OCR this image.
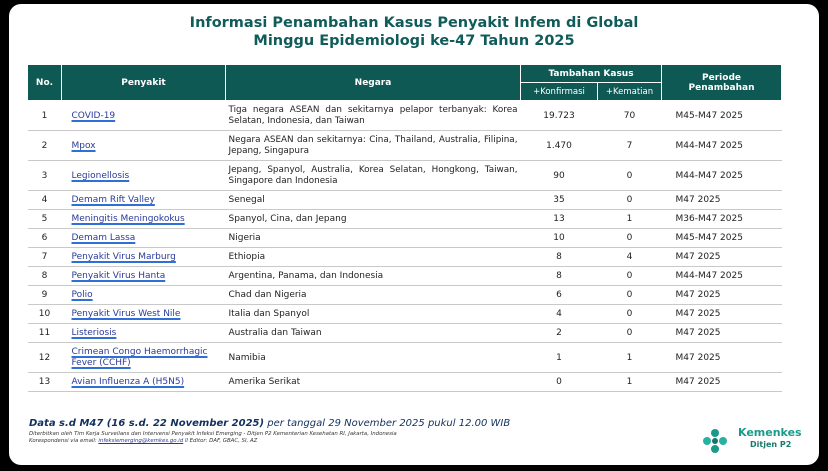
Informasi Penambahan Kasus Penyakit Infem di Global
Minggu Epidemiologi ke-47 Tahun 2025
No.	Penyakit	Negara	Tambahan Kasus		Periode Penambahan
			+Konfirmasi	+Kematian	
1	COVID-19	Tiga negara ASEAN dan sekitarnya pelapor terbanyak: Korea Selatan, Indonesia, dan Taiwan	19.723	70	M45-M47 2025
2	Mpox	Negara ASEAN dan sekitarnya: Cina, Thailand, Australia, Filipina, Jepang, Singapura	1.470	7	M44-M47 2025
3	Legionellosis	Jepang, Spanyol, Australia, Korea Selatan, Hongkong, Taiwan, Singapore dan Indonesia	90	0	M44-M47 2025
4	Demam Rift Valley	Senegal	35	0	M47 2025
5	Meningitis Meningokokus	Spanyol, Cina, dan Jepang	13	1	M36-M47 2025
6	Demam Lassa	Nigeria	10	0	M45-M47 2025
7	Penyakit Virus Marburg	Ethiopia	8	4	M47 2025
8	Penyakit Virus Hanta	Argentina, Panama, dan Indonesia	8	0	M44-M47 2025
9	Polio	Chad dan Nigeria	6	0	M47 2025
10	Penyakit Virus West Nile	Italia dan Spanyol	4	0	M47 2025
11	Listeriosis	Australia dan Taiwan	2	0	M47 2025
12	Crimean Congo Haemorrhagic Fever (CCHF)	Namibia	1	1	M47 2025
13	Avian Influenza A (H5N5)	Amerika Serikat	0	1	M47 2025
Data s.d M47 (16 s.d. 22 November 2025) per tanggal 29 November 2025 pukul 12.00 WIB
Diterbitkan oleh Tim Kerja Surveilans dan Intervensi Penyakit Infeksi Emerging - Ditjen P2 Kementerian Kesehatan RI, Jakarta, Indonesia
Korespondensi via email: infeksiemerging@kemkes.go.id ll Editor: DAF, GBAC, SI, AZ
Kemenkes
Ditjen P2
